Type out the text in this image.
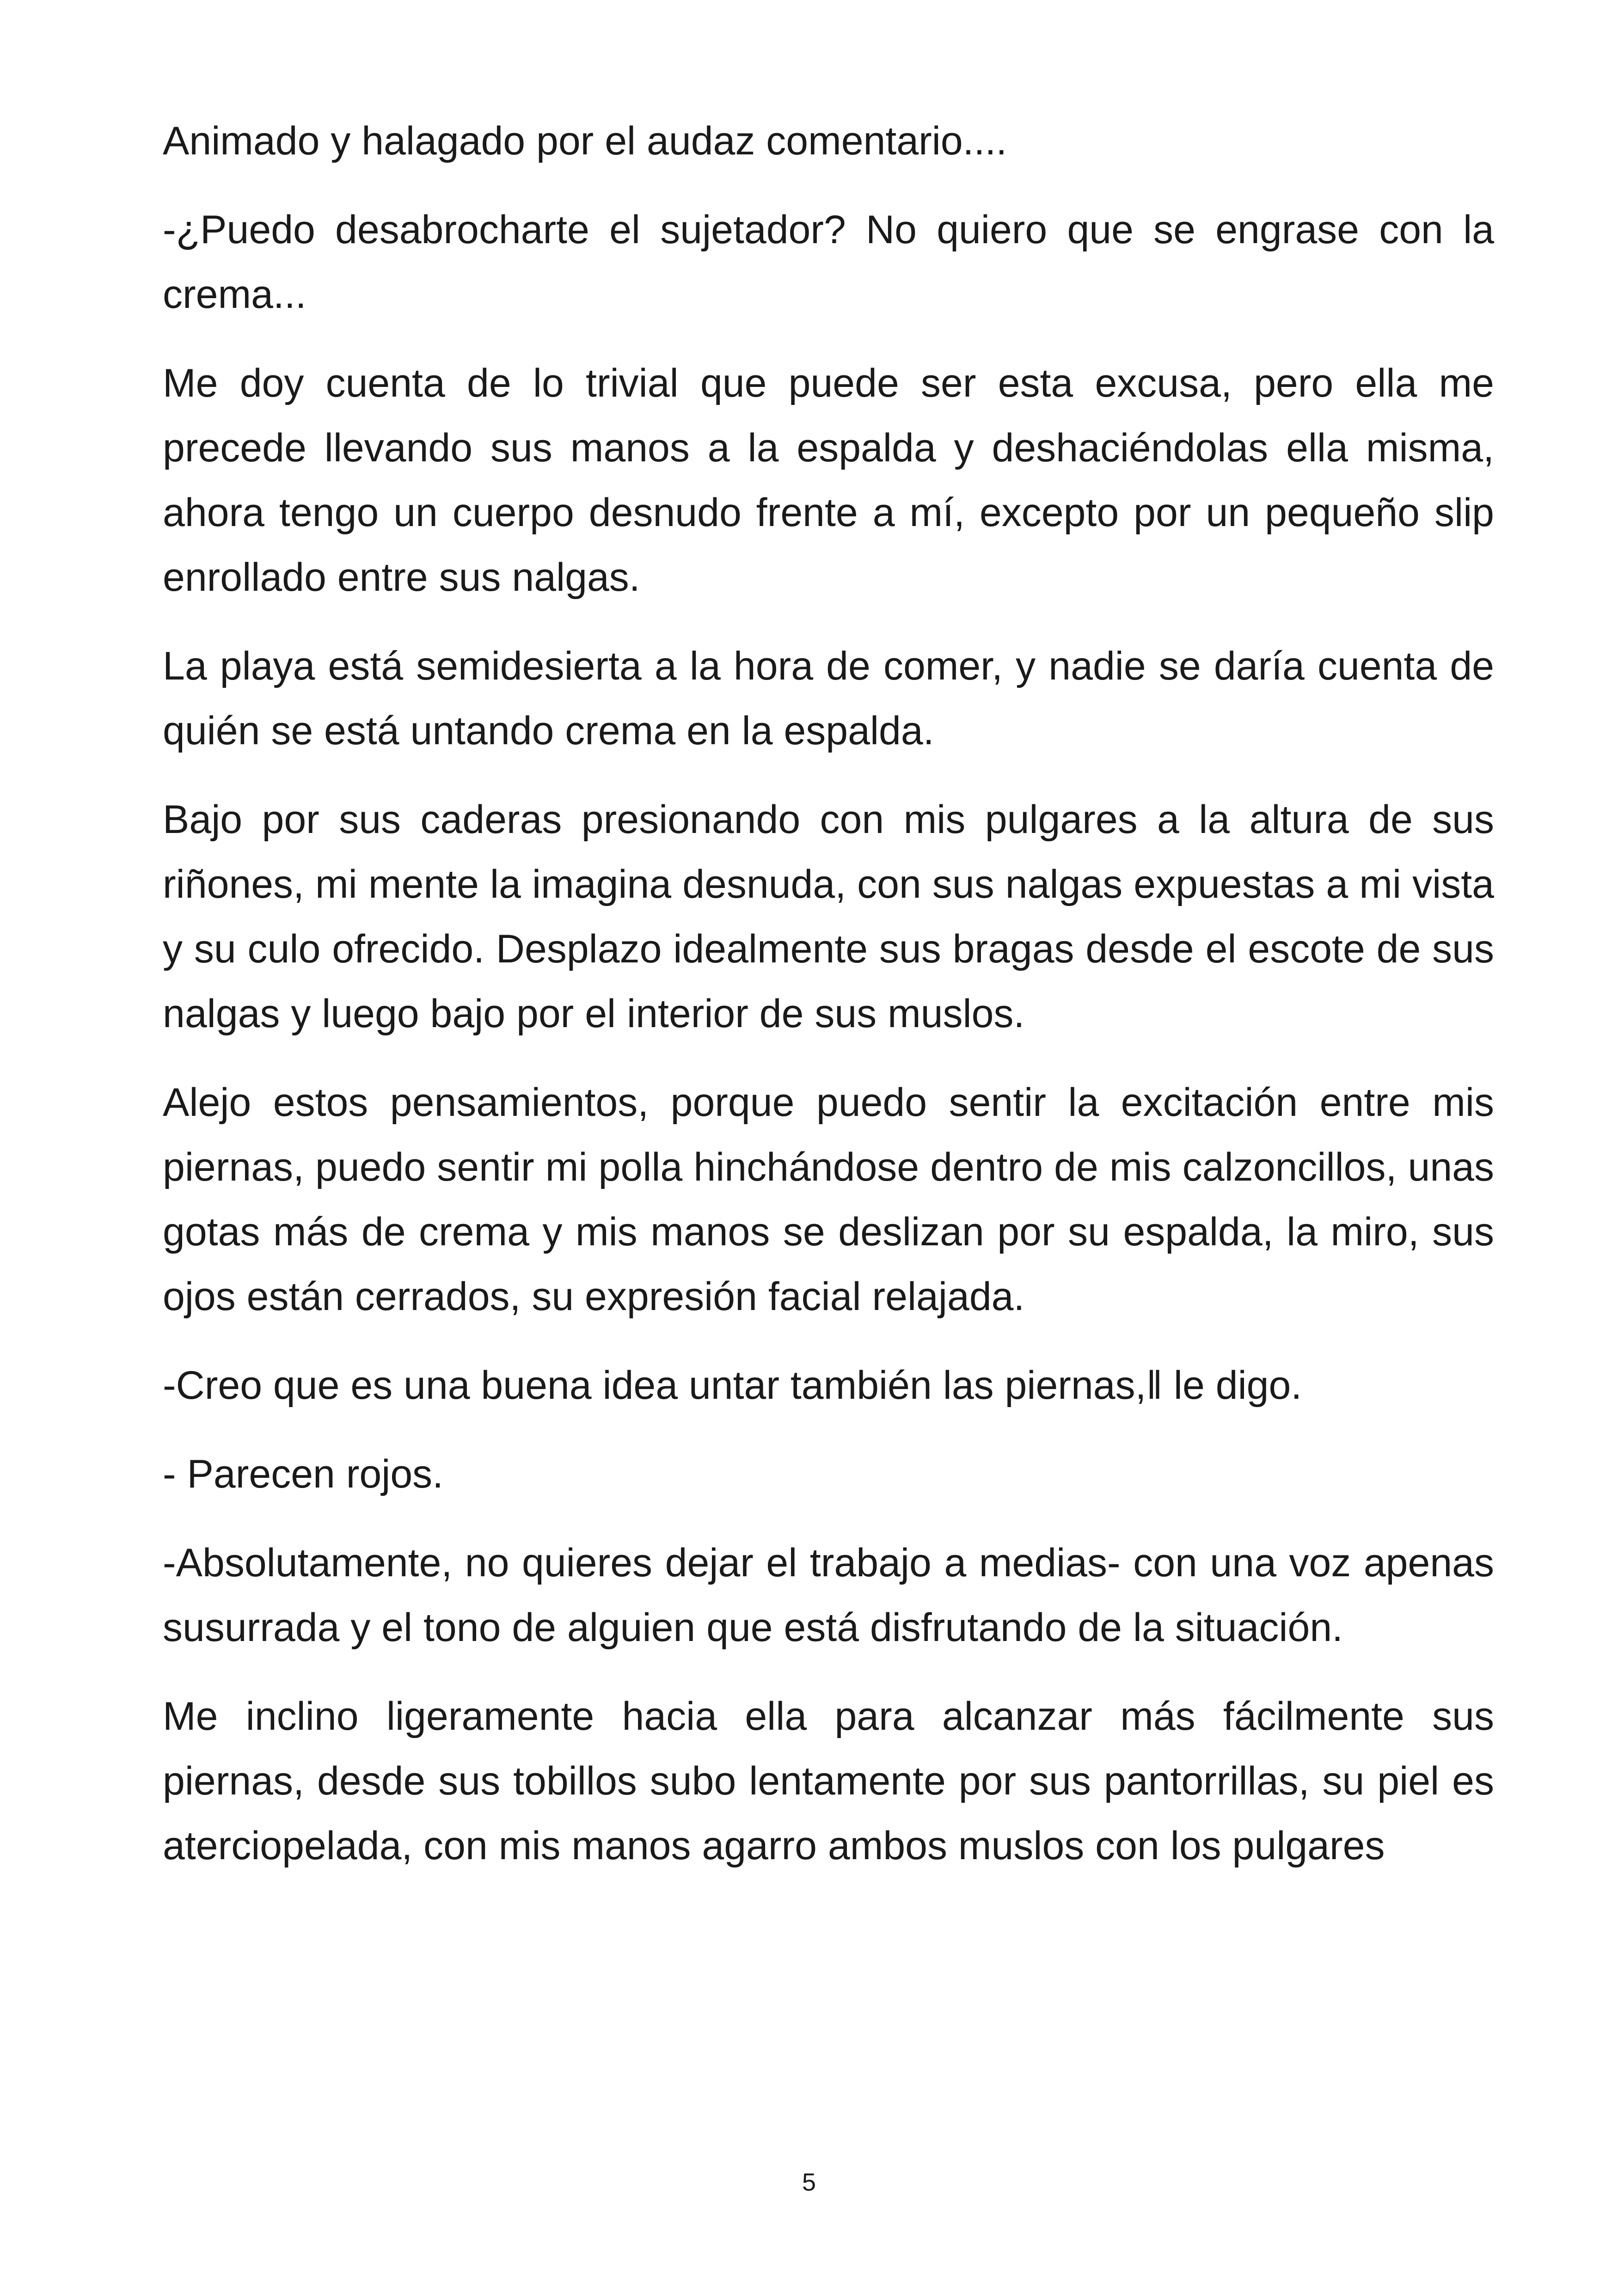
Animado y halagado por el audaz comentario....

-¿Puedo desabrocharte el sujetador? No quiero que se engrase con la crema...

Me doy cuenta de lo trivial que puede ser esta excusa, pero ella me precede llevando sus manos a la espalda y deshaciéndolas ella misma, ahora tengo un cuerpo desnudo frente a mí, excepto por un pequeño slip enrollado entre sus nalgas.

La playa está semidesierta a la hora de comer, y nadie se daría cuenta de quién se está untando crema en la espalda.

Bajo por sus caderas presionando con mis pulgares a la altura de sus riñones, mi mente la imagina desnuda, con sus nalgas expuestas a mi vista y su culo ofrecido. Desplazo idealmente sus bragas desde el escote de sus nalgas y luego bajo por el interior de sus muslos.

Alejo estos pensamientos, porque puedo sentir la excitación entre mis piernas, puedo sentir mi polla hinchándose dentro de mis calzoncillos, unas gotas más de crema y mis manos se deslizan por su espalda, la miro, sus ojos están cerrados, su expresión facial relajada.

-Creo que es una buena idea untar también las piernas,‖ le digo.

- Parecen rojos.

-Absolutamente, no quieres dejar el trabajo a medias- con una voz apenas susurrada y el tono de alguien que está disfrutando de la situación.

Me inclino ligeramente hacia ella para alcanzar más fácilmente sus piernas, desde sus tobillos subo lentamente por sus pantorrillas, su piel es aterciopelada, con mis manos agarro ambos muslos con los pulgares

5
